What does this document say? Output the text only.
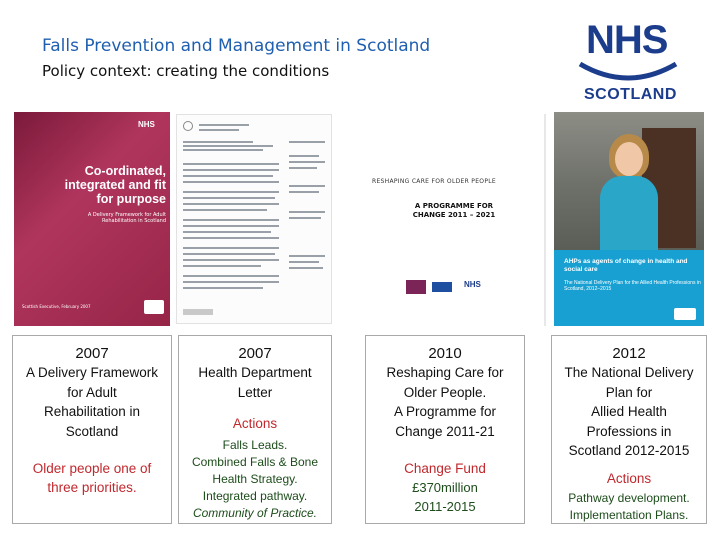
Falls Prevention and Management in Scotland
Policy context: creating the conditions
NHS
SCOTLAND
NHS
Co-ordinated, integrated and fit for purpose
A Delivery Framework for Adult Rehabilitation in Scotland
Scottish Executive, February 2007
RESHAPING CARE FOR OLDER PEOPLE
A PROGRAMME FOR CHANGE 2011 – 2021
NHS
AHPs as agents of change in health and social care
The National Delivery Plan for the Allied Health Professions in Scotland, 2012–2015
2007
A Delivery Framework
for Adult
Rehabilitation in
Scotland
Older people one of
three priorities.
2007
Health Department
Letter
Actions
Falls Leads.
Combined Falls & Bone
Health Strategy.
Integrated pathway.
Community of Practice.
2010
Reshaping Care for
Older People.
A Programme for
Change 2011-21
Change Fund
£370million
2011-2015
2012
The National Delivery
Plan for
Allied Health
Professions in
Scotland 2012-2015
Actions
Pathway development.
Implementation Plans.
